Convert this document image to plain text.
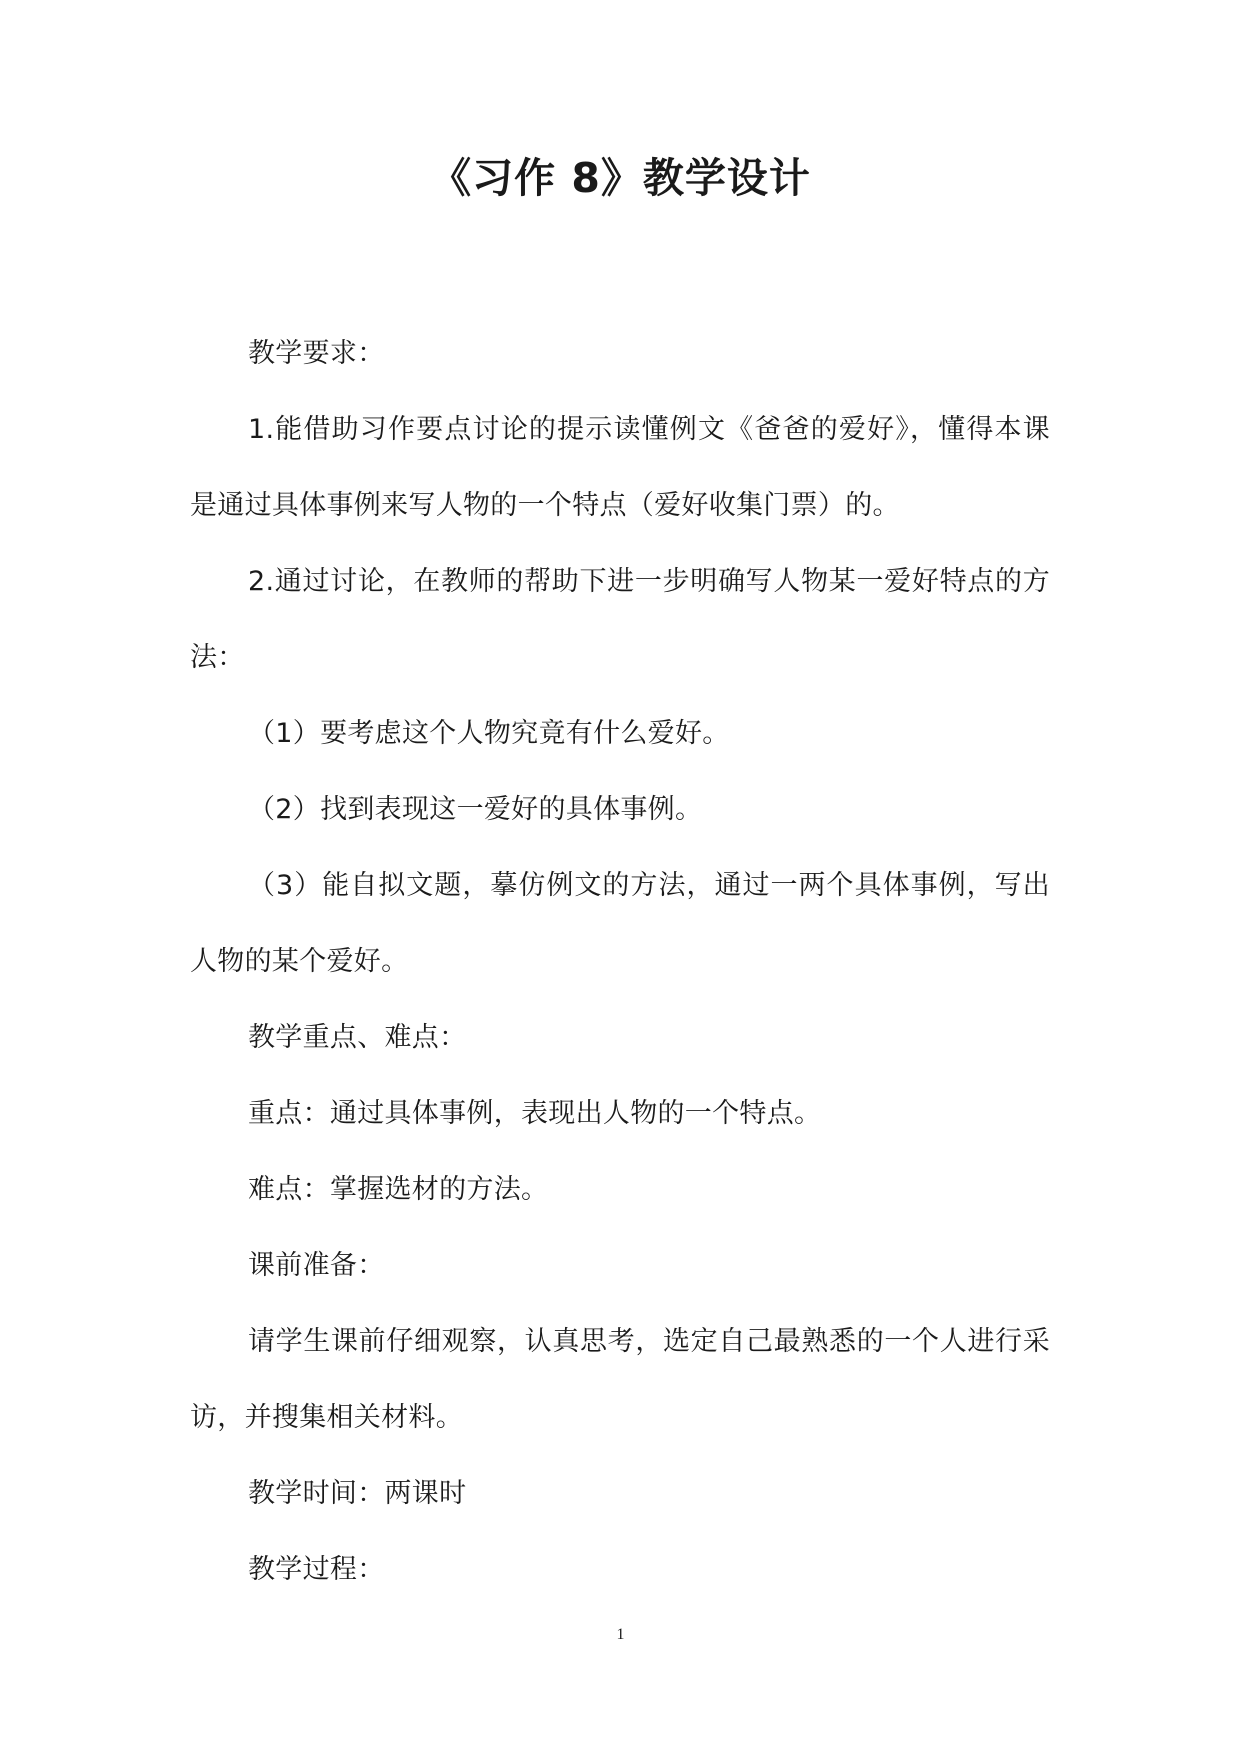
《习作 8》教学设计

教学要求：

1.能借助习作要点讨论的提示读懂例文《爸爸的爱好》，懂得本课是通过具体事例来写人物的一个特点（爱好收集门票）的。

2.通过讨论，在教师的帮助下进一步明确写人物某一爱好特点的方法：

（1）要考虑这个人物究竟有什么爱好。

（2）找到表现这一爱好的具体事例。

（3）能自拟文题，摹仿例文的方法，通过一两个具体事例，写出人物的某个爱好。

教学重点、难点：

重点：通过具体事例，表现出人物的一个特点。

难点：掌握选材的方法。

课前准备：

请学生课前仔细观察，认真思考，选定自己最熟悉的一个人进行采访，并搜集相关材料。

教学时间：两课时

教学过程：

1
